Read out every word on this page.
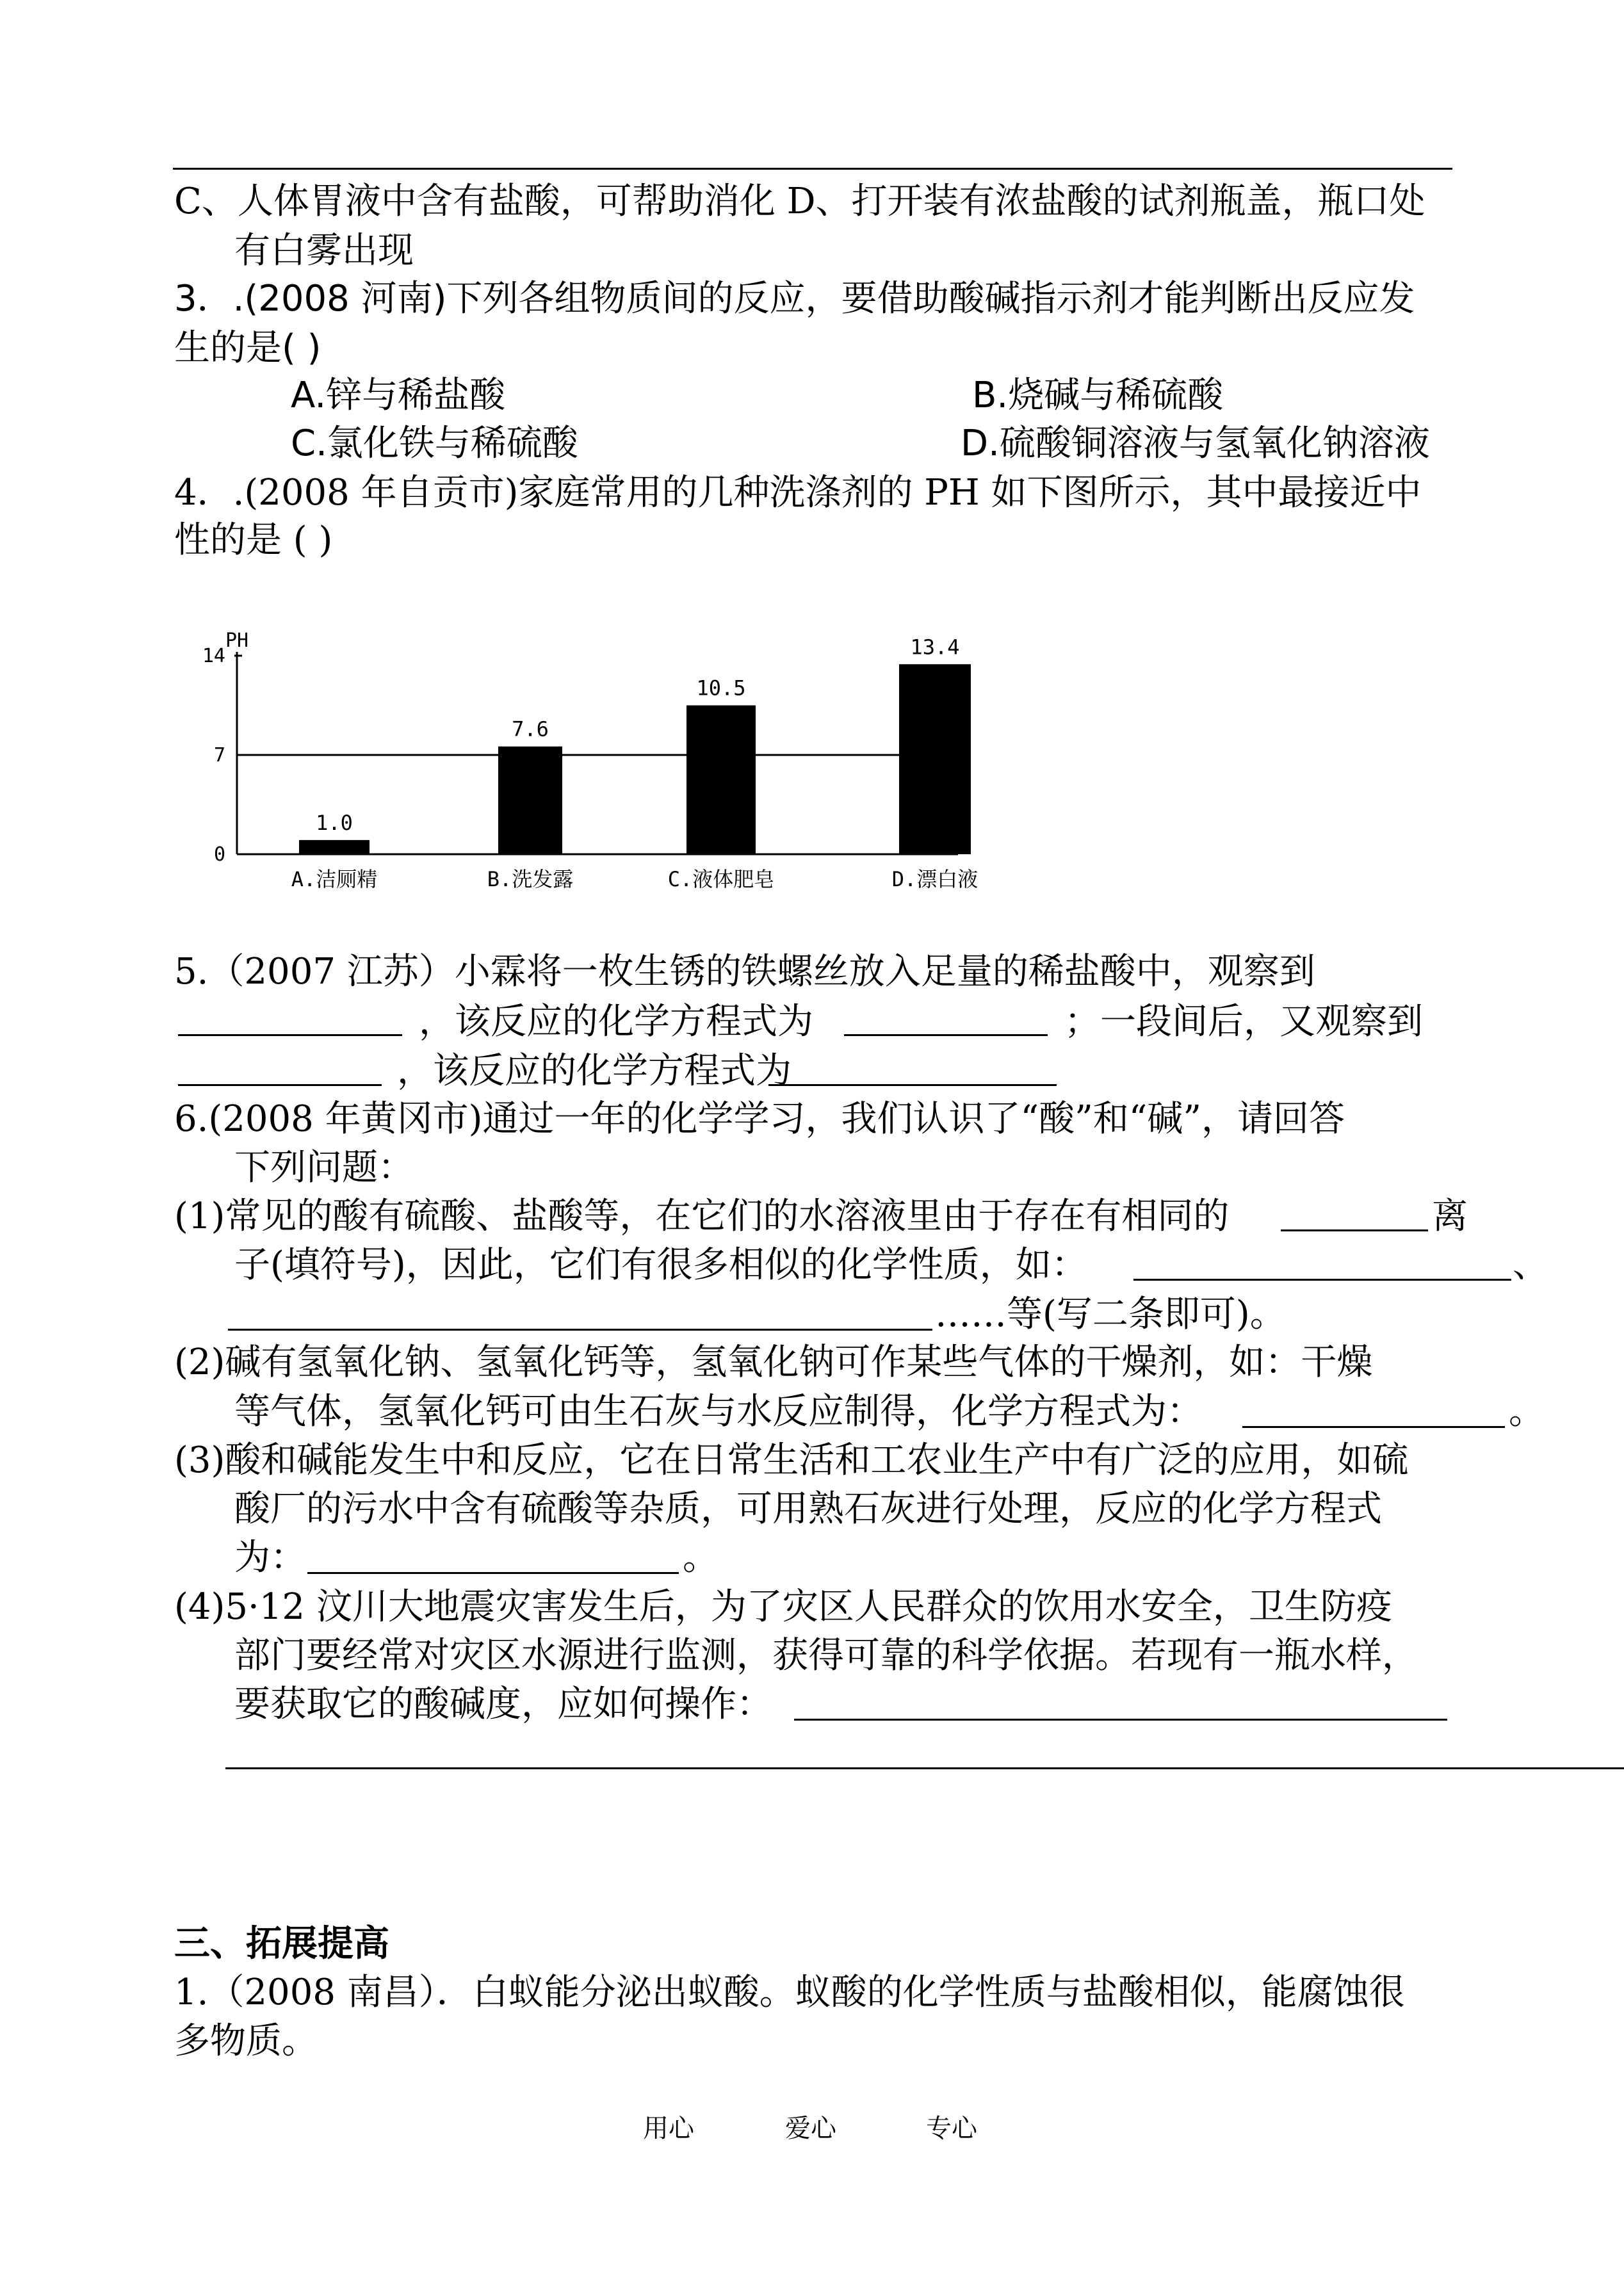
C、人体胃液中含有盐酸，可帮助消化 D、打开装有浓盐酸的试剂瓶盖，瓶口处
有白雾出现
3．.(2008 河南)下列各组物质间的反应，要借助酸碱指示剂才能判断出反应发
生的是( )
A.锌与稀盐酸	B.烧碱与稀硫酸
C.氯化铁与稀硫酸	D.硫酸铜溶液与氢氧化钠溶液
4．.(2008 年自贡市)家庭常用的几种洗涤剂的 PH 如下图所示，其中最接近中
性的是 ( )
PH
0
7
14
1.0
A.洁厕精
7.6
B.洗发露
10.5
C.液体肥皂
13.4
D.漂白液
5.（2007 江苏）小霖将一枚生锈的铁螺丝放入足量的稀盐酸中，观察到
，该反应的化学方程式为	；一段间后，又观察到
，该反应的化学方程式为
6.(2008 年黄冈市)通过一年的化学学习，我们认识了“酸”和“碱”，请回答
下列问题：
(1)常见的酸有硫酸、盐酸等，在它们的水溶液里由于存在有相同的	离
子(填符号)，因此，它们有很多相似的化学性质，如：	、
……等(写二条即可)。
(2)碱有氢氧化钠、氢氧化钙等，氢氧化钠可作某些气体的干燥剂，如：干燥
等气体，氢氧化钙可由生石灰与水反应制得，化学方程式为：	。
(3)酸和碱能发生中和反应，它在日常生活和工农业生产中有广泛的应用，如硫
酸厂的污水中含有硫酸等杂质，可用熟石灰进行处理，反应的化学方程式
为：	。
(4)5·12 汶川大地震灾害发生后，为了灾区人民群众的饮用水安全，卫生防疫
部门要经常对灾区水源进行监测，获得可靠的科学依据。若现有一瓶水样，
要获取它的酸碱度，应如何操作：
三、拓展提高
1.（2008 南昌）．白蚁能分泌出蚁酸。蚁酸的化学性质与盐酸相似，能腐蚀很
多物质。
用心	爱心	专心
